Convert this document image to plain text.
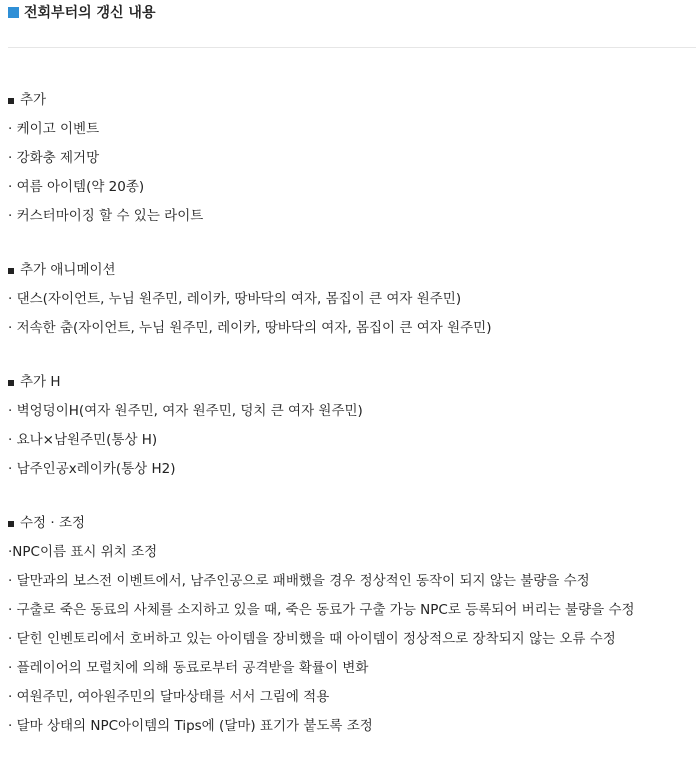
전회부터의 갱신 내용
추가
· 케이고 이벤트
· 강화충 제거망
· 여름 아이템(약 20종)
· 커스터마이징 할 수 있는 라이트
추가 애니메이션
· 댄스(자이언트, 누님 원주민, 레이카, 땅바닥의 여자, 몸집이 큰 여자 원주민)
· 저속한 춤(자이언트, 누님 원주민, 레이카, 땅바닥의 여자, 몸집이 큰 여자 원주민)
추가 H
· 벽엉덩이H(여자 원주민, 여자 원주민, 덩치 큰 여자 원주민)
· 요나×남원주민(통상 H)
· 남주인공x레이카(통상 H2)
수정 · 조정
·NPC이름 표시 위치 조정
· 달만과의 보스전 이벤트에서, 남주인공으로 패배했을 경우 정상적인 동작이 되지 않는 불량을 수정
· 구출로 죽은 동료의 사체를 소지하고 있을 때, 죽은 동료가 구출 가능 NPC로 등록되어 버리는 불량을 수정
· 닫힌 인벤토리에서 호버하고 있는 아이템을 장비했을 때 아이템이 정상적으로 장착되지 않는 오류 수정
· 플레이어의 모럴치에 의해 동료로부터 공격받을 확률이 변화
· 여원주민, 여아원주민의 달마상태를 서서 그림에 적용
· 달마 상태의 NPC아이템의 Tips에 (달마) 표기가 붙도록 조정
